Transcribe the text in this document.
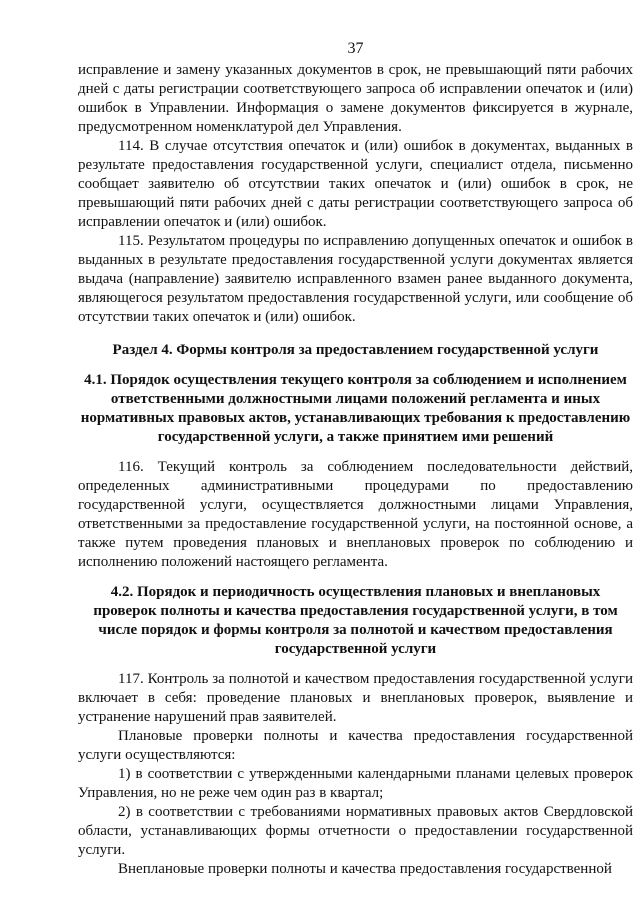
37

исправление и замену указанных документов в срок, не превышающий пяти рабочих дней с даты регистрации соответствующего запроса об исправлении опечаток и (или) ошибок в Управлении. Информация о замене документов фиксируется в журнале, предусмотренном номенклатурой дел Управления.

114. В случае отсутствия опечаток и (или) ошибок в документах, выданных в результате предоставления государственной услуги, специалист отдела, письменно сообщает заявителю об отсутствии таких опечаток и (или) ошибок в срок, не превышающий пяти рабочих дней с даты регистрации соответствующего запроса об исправлении опечаток и (или) ошибок.

115. Результатом процедуры по исправлению допущенных опечаток и ошибок в выданных в результате предоставления государственной услуги документах является выдача (направление) заявителю исправленного взамен ранее выданного документа, являющегося результатом предоставления государственной услуги, или сообщение об отсутствии таких опечаток и (или) ошибок.

Раздел 4. Формы контроля за предоставлением государственной услуги
4.1. Порядок осуществления текущего контроля за соблюдением и исполнением ответственными должностными лицами положений регламента и иных нормативных правовых актов, устанавливающих требования к предоставлению государственной услуги, а также принятием ими решений

116. Текущий контроль за соблюдением последовательности действий, определенных административными процедурами по предоставлению государственной услуги, осуществляется должностными лицами Управления, ответственными за предоставление государственной услуги, на постоянной основе, а также путем проведения плановых и внеплановых проверок по соблюдению и исполнению положений настоящего регламента.

4.2. Порядок и периодичность осуществления плановых и внеплановых проверок полноты и качества предоставления государственной услуги, в том числе порядок и формы контроля за полнотой и качеством предоставления государственной услуги

117. Контроль за полнотой и качеством предоставления государственной услуги включает в себя: проведение плановых и внеплановых проверок, выявление и устранение нарушений прав заявителей.

Плановые проверки полноты и качества предоставления государственной услуги осуществляются:

1) в соответствии с утвержденными календарными планами целевых проверок Управления, но не реже чем один раз в квартал;

2) в соответствии с требованиями нормативных правовых актов Свердловской области, устанавливающих формы отчетности о предоставлении государственной услуги.

Внеплановые проверки полноты и качества предоставления государственной
